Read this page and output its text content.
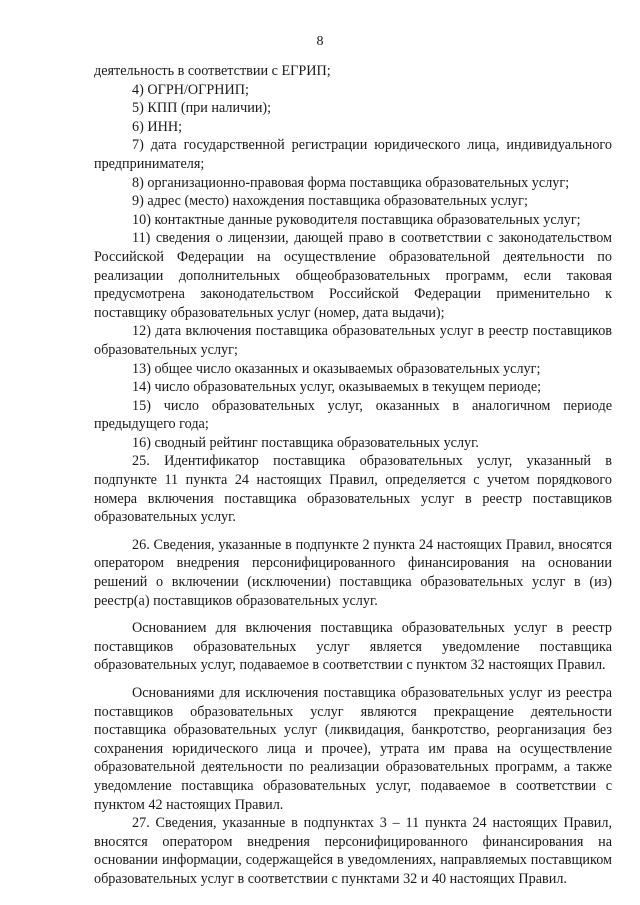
8

деятельность в соответствии с ЕГРИП;

4) ОГРН/ОГРНИП;

5) КПП (при наличии);

6) ИНН;

7) дата государственной регистрации юридического лица, индивидуального предпринимателя;

8) организационно-правовая форма поставщика образовательных услуг;

9) адрес (место) нахождения поставщика образовательных услуг;

10) контактные данные руководителя поставщика образовательных услуг;

11) сведения о лицензии, дающей право в соответствии с законодательством Российской Федерации на осуществление образовательной деятельности по реализации дополнительных общеобразовательных программ, если таковая предусмотрена законодательством Российской Федерации применительно к поставщику образовательных услуг (номер, дата выдачи);

12) дата включения поставщика образовательных услуг в реестр поставщиков образовательных услуг;

13) общее число оказанных и оказываемых образовательных услуг;

14) число образовательных услуг, оказываемых в текущем периоде;

15) число образовательных услуг, оказанных в аналогичном периоде предыдущего года;

16) сводный рейтинг поставщика образовательных услуг.

25. Идентификатор поставщика образовательных услуг, указанный в подпункте 11 пункта 24 настоящих Правил, определяется с учетом порядкового номера включения поставщика образовательных услуг в реестр поставщиков образовательных услуг.

26. Сведения, указанные в подпункте 2 пункта 24 настоящих Правил, вносятся оператором внедрения персонифицированного финансирования на основании решений о включении (исключении) поставщика образовательных услуг в (из) реестр(а) поставщиков образовательных услуг.

Основанием для включения поставщика образовательных услуг в реестр поставщиков образовательных услуг является уведомление поставщика образовательных услуг, подаваемое в соответствии с пунктом 32 настоящих Правил.

Основаниями для исключения поставщика образовательных услуг из реестра поставщиков образовательных услуг являются прекращение деятельности поставщика образовательных услуг (ликвидация, банкротство, реорганизация без сохранения юридического лица и прочее), утрата им права на осуществление образовательной деятельности по реализации образовательных программ, а также уведомление поставщика образовательных услуг, подаваемое в соответствии с пунктом 42 настоящих Правил.

27. Сведения, указанные в подпунктах 3 – 11 пункта 24 настоящих Правил, вносятся оператором внедрения персонифицированного финансирования на основании информации, содержащейся в уведомлениях, направляемых поставщиком образовательных услуг в соответствии с пунктами 32 и 40 настоящих Правил.
